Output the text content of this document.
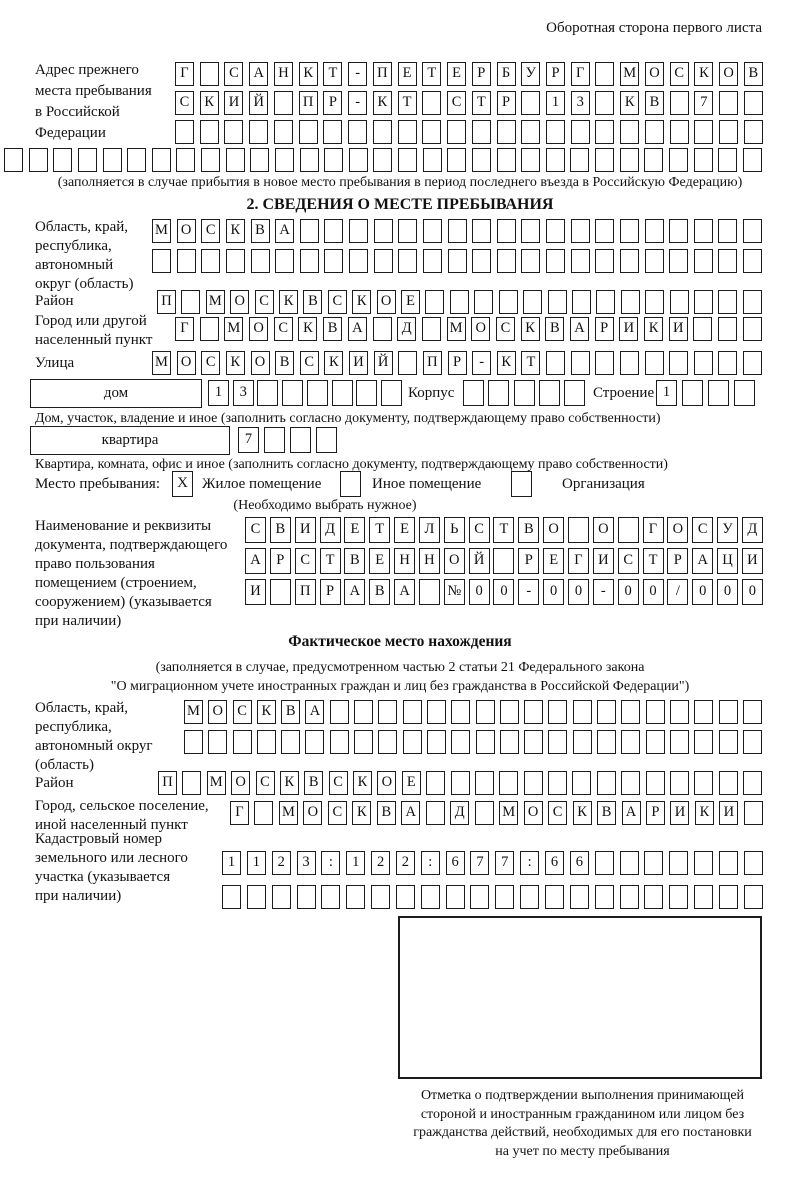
Оборотная сторона первого листа
Адрес прежнего
места пребывания
в Российской
Федерации
Г	С	А Н	К	Т	-	П	Е	Т	Е	Р	Б	У	Р	Г	М О	С	К	О	В
С	К	И Й	П	Р	-	К	Т	С	Т	Р	1	3	К	В	7
(заполняется в случае прибытия в новое место пребывания в период последнего въезда в Российскую Федерацию)
2. СВЕДЕНИЯ О МЕСТЕ ПРЕБЫВАНИЯ
Область, край,
республика,
автономный
округ (область)
М О	С	К	В	А
Район	П	М О С	К	В	С	К О	Е
Город или другой
населенный пункт
Г	М О	С	К	В	А	Д	М О	С	К	В	А	Р	И	К	И
Улица	М О	С	К	О	В	С	К	И Й	П	Р	-	К	Т
дом	1	3	Корпус	Строение 1
Дом, участок, владение и иное (заполнить согласно документу, подтверждающему право собственности)
квартира	7
Квартира, комната, офис и иное (заполнить согласно документу, подтверждающему право собственности)
Место пребывания:	X Жилое помещение	Иное помещение	Организация
(Необходимо выбрать нужное)
Наименование и реквизиты
документа, подтверждающего
право пользования
помещением (строением,
сооружением) (указывается
при наличии)
С	В	И	Д	Е	Т	Е	Л	Ь	С	Т	В	О	О	Г	О	С	У	Д
А	Р	С	Т	В	Е	Н Н О Й	Р	Е	Г	И	С	Т	Р	А Ц И
И	П	Р	А	В	А	№ 0	0	-	0	0	-	0	0	/	0	0	0
Фактическое место нахождения
(заполняется в случае, предусмотренном частью 2 статьи 21 Федерального закона
"О миграционном учете иностранных граждан и лиц без гражданства в Российской Федерации")
Область, край,
республика,
автономный округ
(область)
М О С	К	В А
Район	П	М О С	К	В	С	К О	Е
Город, сельское поселение,
иной населенный пункт
Г	М О С	К	В А	Д	М О С	К	В А	Р	И К И
Кадастровый номер
земельного или лесного
участка (указывается
при наличии)
1	1	2	3	:	1	2	2	:	6	7	7	:	6	6
Отметка о подтверждении выполнения принимающей
стороной и иностранным гражданином или лицом без
гражданства действий, необходимых для его постановки
на учет по месту пребывания
